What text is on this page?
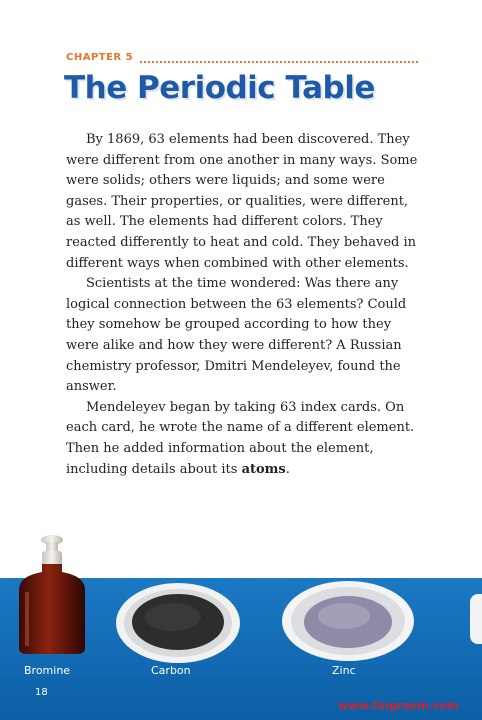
CHAPTER 5
The Periodic Table

By 1869, 63 elements had been discovered. They were different from one another in many ways. Some were solids; others were liquids; and some were gases. Their properties, or qualities, were different, as well. The elements had different colors. They reacted differently to heat and cold. They behaved in different ways when combined with other elements.

Scientists at the time wondered: Was there any logical connection between the 63 elements? Could they somehow be grouped according to how they were alike and how they were different? A Russian chemistry professor, Dmitri Mendeleyev, found the answer.

Mendeleyev began by taking 63 index cards. On each card, he wrote the name of a different element. Then he added information about the element, including details about its atoms.

Bromine	Carbon	Zinc
18
www.tingroom.com
